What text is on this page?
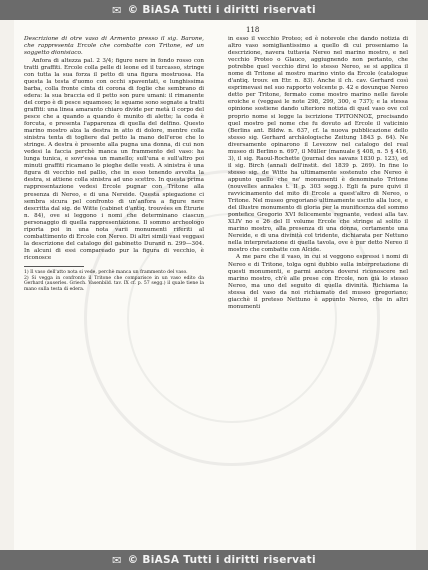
✉ © BiASA Tutti i diritti riservati
118

Descrizione di otre vaso di Armento presso il sig. Barone, che rappresenta Ercole che combatte con Tritone, ed un soggetto dionisiaco.

Anfora di altezza pal. 2 3/4; figure nere in fondo rosso con tratti graffiti. Ercole colla pelle di leone ed il turcasso, stringe con tutta la sua forza il petto di una figura mostruosa. Ha questa la testa d'uomo con occhi spaventati, e lunghissima barba, colla fronte cinta di corona di foglie che sembrano di edera: la sua braccia ed il petto son pure umani: il rimanente del corpo è di pesce squamoso; le squame sono segnate a tratti graffiti: una linea amaranto chiaro divide per metà il corpo del pesce che a quando a quando è munito di alette; la coda è forcuta, e presenta l'apparenza di quella del delfino. Questo marino mostro alza la destra in atto di dolore, mentre colla sinistra tenta di togliere dal petto la mano dell'eroe che lo stringe. A destra è presente alla pugna una donna, di cui non vedesi la faccia perchè manca un frammento del vaso: ha lunga tunica, e sovr'essa un manello; sull'una e sull'altro poi minuti graffiti ricamano le pieghe delle vesti. A sinistra è una figura di vecchio nel pallio, che in esso tenendo avvolta la destra, si attiene colla sinistra ad uno scettro. In questa prima rappresentazione vedesi Ercole pugnar con Tritone alla presenza di Nereo, e di una Nereide. Questa spiegazione ci sembra sicura pel confronto di un'anfora a figure nere descritta dal sig. de Witte (cabinet d'antiq. trouvées en Étrurie n. 84), ove si leggono i nomi che determinano ciascun personaggio di quella rappresentazione. Il sommo archeologo riporta poi in una nota varii monumenti riferiti al combattimento di Ercole con Nereo. Di altri simili vasi veggasi la descrizione del catalogo del gabinetto Durand n. 299—304. In alcuni di essi compareado pur la figura di vecchio, è riconosce

1) Il vaso dell'atto nota si vede, perchè manca un frammento del vaso.

2) Si vegga in confronto il Tritone che comparisce in un vaso edito da Gerhard (auserles. Griech. Vasenbild. tav. IX cf. p. 57 segg.) il quale tiene la mano sulla testa di edera.

in esso il vecchio Proteo; ed è notevole che dando notizia di altro vaso somigliantissimo a quello di cui proseniamo la descrizione, navera tuttavia Nereo nel marino mostro, e nel vecchio Proteo o Glauco, aggiugnendo non pertanto, che potrebbe quel vecchio dirsi lo stesso Nereo, se si applica il nome di Tritone al mostro marino vinto da Ercole (catalogue d'antiq. trouv. en Etr. n. 83). Anche il ch. cav. Gerhard così esprimevasi nel suo rapporto volcente p. 42 e dovunque Nereo detto per Tritone, fermato come mostro marino nelle favole eroiche e (veggasi le note 298, 299, 300, e 737); e la stessa opinione sostiene dando ulteriore notizia di quel vaso ove col proprio nome si legge la iscrizione ΤΡΙΤΟΝΝΟΣ, precisando quel mostro pel nome che fu dovuto ad Ercole il vaticinio (Berlins ant. Bildw. n. 637, cf. la nuova pubblicazione dello stesso sig. Gerhard archäologische Zeitung 1843 p. 64). Ne diversamente opinarono il Levezow nel catalogo del real museo di Berlino n. 697, il Müller (manuale § 408, n. 5 § 416, 3), il sig. Raoul-Rochette (journal des savans 1830 p. 123), ed il sig. Birch (annali dell'instit. del 1839 p. 269). In fine lo stesso sig. de Witte ha ultimamente sostenuto che Nereo è appunto quello che ne' monumenti è denominato Tritone (nouvelles annales t. II p. 303 segg.). Egli fa pure quivi il ravvicinamento del mito di Ercole a quest'altro di Nereo, o Tritone. Nel museo gregoriano ultimamente uscito alla luce, e del illustre monumento di gloria per la munificenza del sommo pontefice Gregorio XVI felicemente regnante, vedesi alla tav. XLIV no e 26 del II volume Ercole che stringe al solito il marino mostro, alla presenza di una donna, certamente una Nereide, e di una divinità col tridente, dichiarata per Nettuno nella interpretazione di quella tavola, ove è pur detto Nereo il mostro che combatte con Alcide.

A me pare che il vaso, in cui si veggono espressi i nomi di Nereo e di Tritone, tolga ogni dubbio sulla interpretazione di questi monumenti, e parmi ancora doversi riconoscere nel marino mostro, ch'è alle prese con Ercole, non già lo stesso Nereo, ma uno del seguito di quella divinità. Richiama la stessa del vaso da noi richiamato del museo gregoriano; giacchè il preteso Nettuno è appunto Nereo, che in altri monumenti

✉ © BiASA Tutti i diritti riservati
